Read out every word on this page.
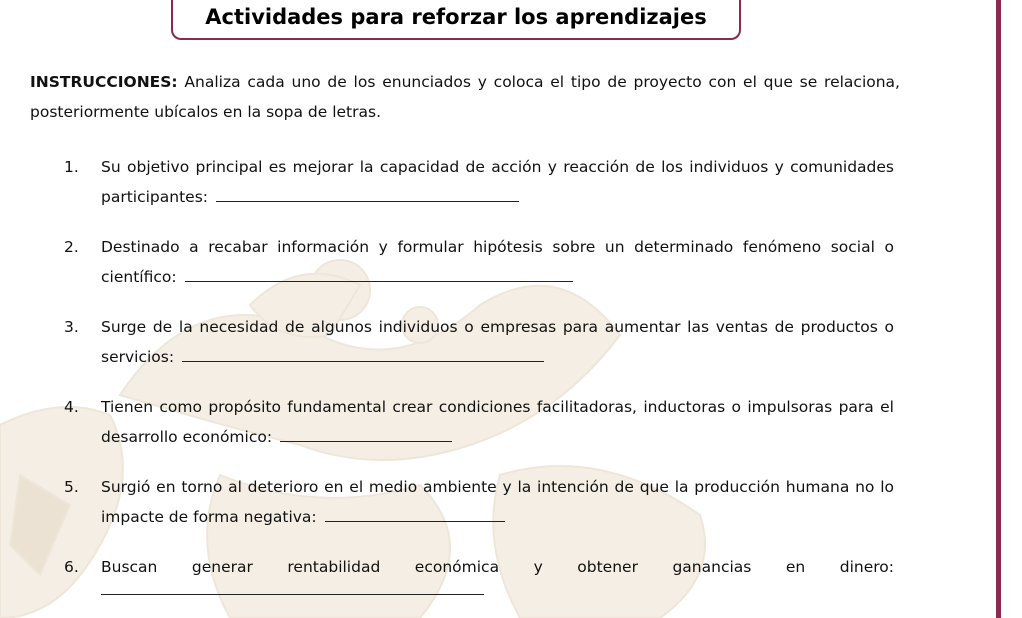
Actividades para reforzar los aprendizajes
INSTRUCCIONES: Analiza cada uno de los enunciados y coloca el tipo de proyecto con el que se relaciona, posteriormente ubícalos en la sopa de letras.
1.	Su objetivo principal es mejorar la capacidad de acción y reacción de los individuos y comunidades participantes:
2.	Destinado a recabar información y formular hipótesis sobre un determinado fenómeno social o científico:
3.	Surge de la necesidad de algunos individuos o empresas para aumentar las ventas de productos o servicios:
4.	Tienen como propósito fundamental crear condiciones facilitadoras, inductoras o impulsoras para el desarrollo económico:
5.	Surgió en torno al deterioro en el medio ambiente y la intención de que la producción humana no lo impacte de forma negativa:
6.	Buscan generar rentabilidad económica y obtener ganancias en dinero:
